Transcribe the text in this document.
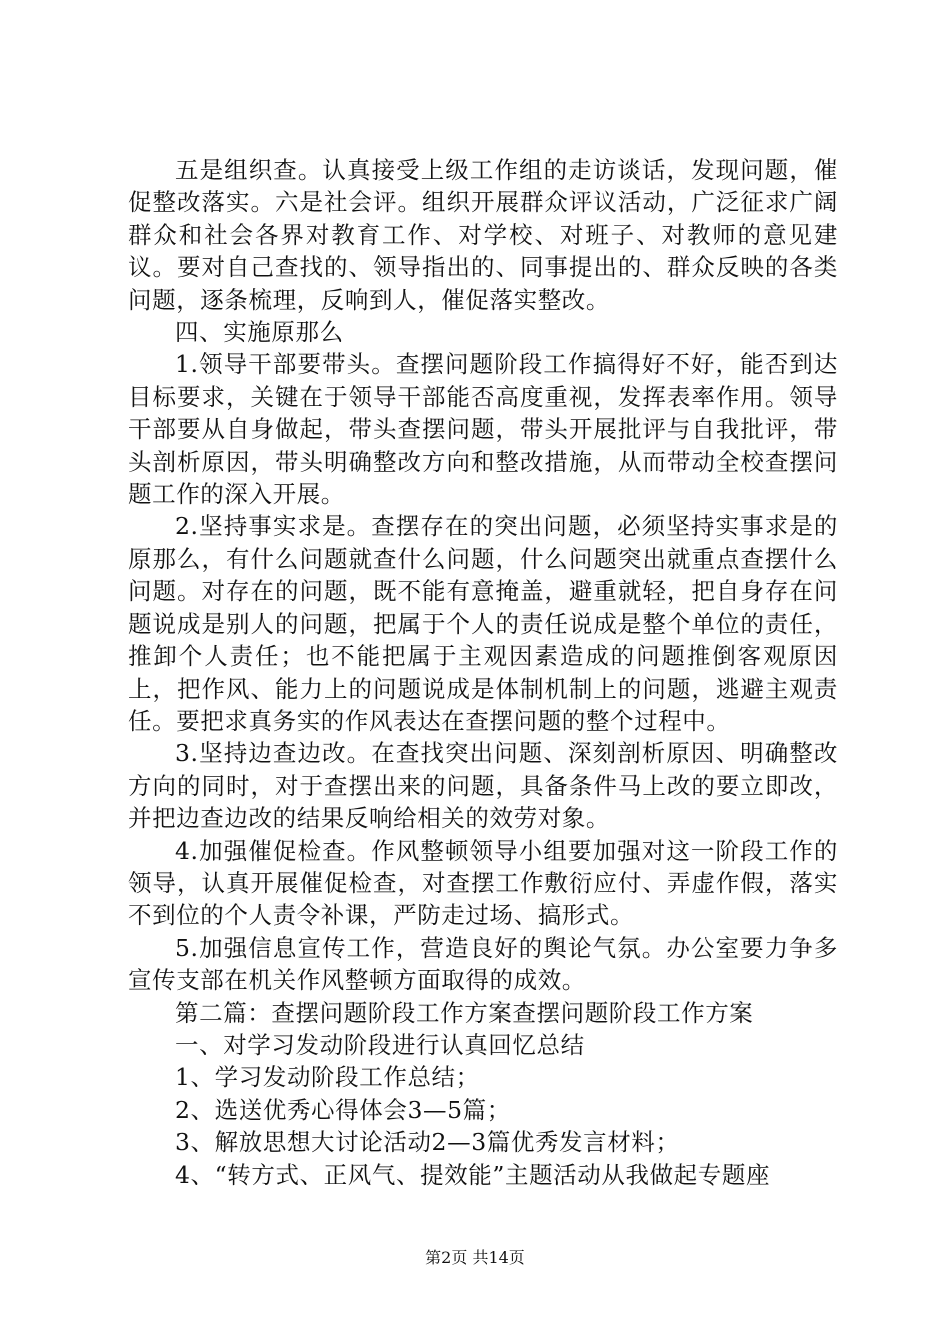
五是组织查。认真接受上级工作组的走访谈话，发现问题，催促整改落实。六是社会评。组织开展群众评议活动，广泛征求广阔群众和社会各界对教育工作、对学校、对班子、对教师的意见建议。要对自己查找的、领导指出的、同事提出的、群众反映的各类问题，逐条梳理，反响到人，催促落实整改。

四、实施原那么

1.领导干部要带头。查摆问题阶段工作搞得好不好，能否到达目标要求，关键在于领导干部能否高度重视，发挥表率作用。领导干部要从自身做起，带头查摆问题，带头开展批评与自我批评，带头剖析原因，带头明确整改方向和整改措施，从而带动全校查摆问题工作的深入开展。

2.坚持事实求是。查摆存在的突出问题，必须坚持实事求是的原那么，有什么问题就查什么问题，什么问题突出就重点查摆什么问题。对存在的问题，既不能有意掩盖，避重就轻，把自身存在问题说成是别人的问题，把属于个人的责任说成是整个单位的责任，推卸个人责任；也不能把属于主观因素造成的问题推倒客观原因上，把作风、能力上的问题说成是体制机制上的问题，逃避主观责任。要把求真务实的作风表达在查摆问题的整个过程中。

3.坚持边查边改。在查找突出问题、深刻剖析原因、明确整改方向的同时，对于查摆出来的问题，具备条件马上改的要立即改，并把边查边改的结果反响给相关的效劳对象。

4.加强催促检查。作风整顿领导小组要加强对这一阶段工作的领导，认真开展催促检查，对查摆工作敷衍应付、弄虚作假，落实不到位的个人责令补课，严防走过场、搞形式。

5.加强信息宣传工作，营造良好的舆论气氛。办公室要力争多宣传支部在机关作风整顿方面取得的成效。

第二篇：查摆问题阶段工作方案查摆问题阶段工作方案

一、对学习发动阶段进行认真回忆总结

1、学习发动阶段工作总结；

2、选送优秀心得体会3—5篇；

3、解放思想大讨论活动2—3篇优秀发言材料；

4、“转方式、正风气、提效能”主题活动从我做起专题座

第2页 共14页
